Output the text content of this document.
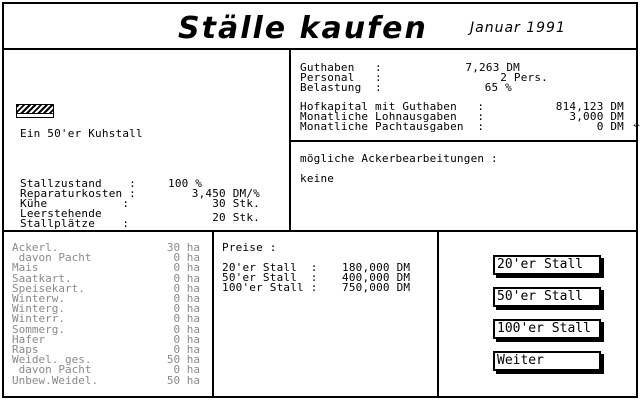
Ställe kaufen	Januar 1991
Guthaben   :	7,263 DM
Personal   :	2 Pers.
Belastung  :	65 %
Hofkapital mit Guthaben   :	814,123 DM
Monatliche Lohnausgaben   :	3,000 DM
Monatliche Pachtausgaben  :	0 DM
mögliche Ackerbearbeitungen :
keine
Ein 50'er Kuhstall
Stallzustand    :	100 %
Reparaturkosten :	3,450 DM/%
Kühe           :	30 Stk.
Leerstehende
Stallplätze    :	20 Stk.
Ackerl.	30 ha
davon Pacht	0 ha
Mais	0 ha
Saatkart.	0 ha
Speisekart.	0 ha
Winterw.	0 ha
Winterg.	0 ha
Winterr.	0 ha
Sommerg.	0 ha
Hafer	0 ha
Raps	0 ha
Weidel. ges.	50 ha
davon Pacht	0 ha
Unbew.Weidel.	50 ha
Preise :
20'er Stall  : 180,000 DM
50'er Stall  : 400,000 DM
100'er Stall : 750,000 DM
20'er Stall
50'er Stall
100'er Stall
Weiter
⌖
